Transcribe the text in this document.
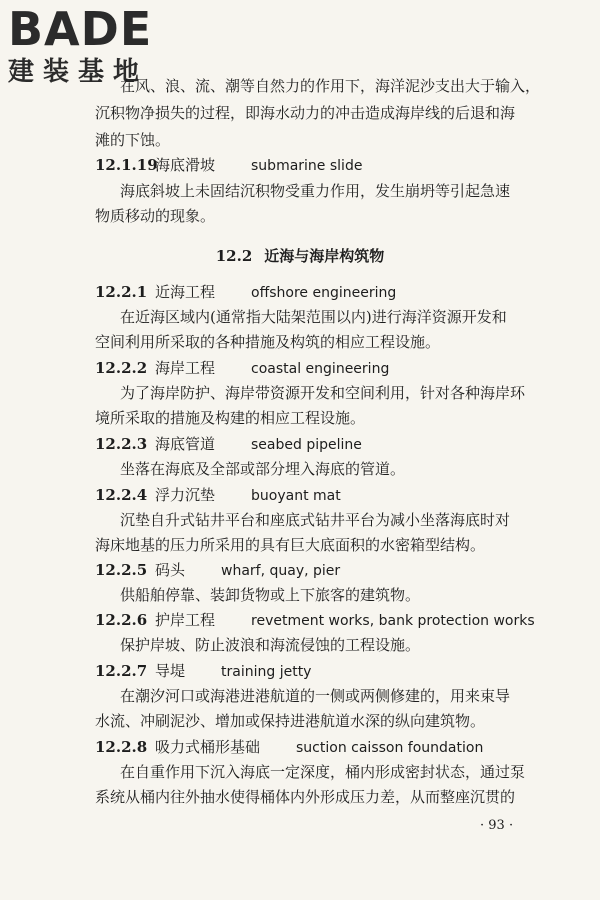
BADE
建装基地
在风、浪、流、潮等自然力的作用下，海洋泥沙支出大于输入，
沉积物净损失的过程，即海水动力的冲击造成海岸线的后退和海
滩的下蚀。
12.1.19海底滑坡	submarine slide
海底斜坡上未固结沉积物受重力作用，发生崩坍等引起急速
物质移动的现象。
12.2 近海与海岸构筑物
12.2.1 近海工程	offshore engineering
在近海区域内(通常指大陆架范围以内)进行海洋资源开发和
空间利用所采取的各种措施及构筑的相应工程设施。
12.2.2 海岸工程	coastal engineering
为了海岸防护、海岸带资源开发和空间利用，针对各种海岸环
境所采取的措施及构建的相应工程设施。
12.2.3 海底管道	seabed pipeline
坐落在海底及全部或部分埋入海底的管道。
12.2.4 浮力沉垫	buoyant mat
沉垫自升式钻井平台和座底式钻井平台为减小坐落海底时对
海床地基的压力所采用的具有巨大底面积的水密箱型结构。
12.2.5 码头	wharf, quay, pier
供船舶停靠、装卸货物或上下旅客的建筑物。
12.2.6 护岸工程	revetment works, bank protection works
保护岸坡、防止波浪和海流侵蚀的工程设施。
12.2.7 导堤	training jetty
在潮汐河口或海港进港航道的一侧或两侧修建的，用来束导
水流、冲刷泥沙、增加或保持进港航道水深的纵向建筑物。
12.2.8 吸力式桶形基础	suction caisson foundation
在自重作用下沉入海底一定深度，桶内形成密封状态，通过泵
系统从桶内往外抽水使得桶体内外形成压力差，从而整座沉贯的
· 93 ·
